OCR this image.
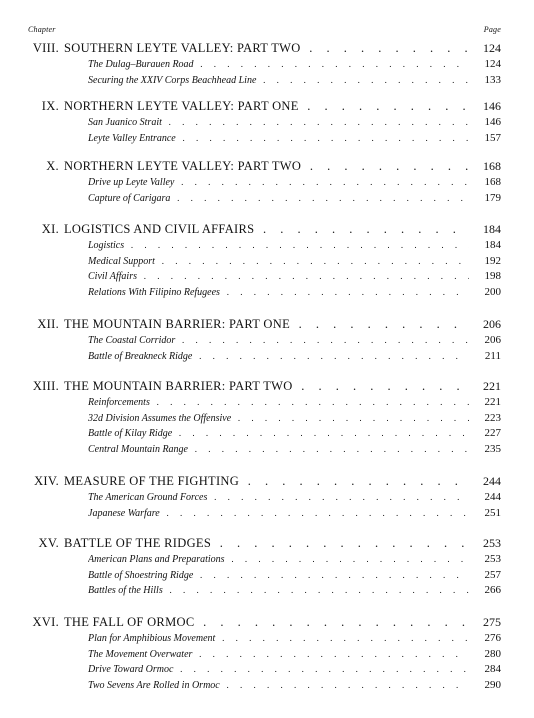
Chapter	Page
VIII. SOUTHERN LEYTE VALLEY: PART TWO . . .	124
The Dulag–Burauen Road . . .	124
Securing the XXIV Corps Beachhead Line . . .	133
IX. NORTHERN LEYTE VALLEY: PART ONE . . .	146
San Juanico Strait . . .	146
Leyte Valley Entrance . . .	157
X. NORTHERN LEYTE VALLEY: PART TWO . . .	168
Drive up Leyte Valley . . .	168
Capture of Carigara . . .	179
XI. LOGISTICS AND CIVIL AFFAIRS . . .	184
Logistics . . .	184
Medical Support . . .	192
Civil Affairs . . .	198
Relations With Filipino Refugees . . .	200
XII. THE MOUNTAIN BARRIER: PART ONE . . .	206
The Coastal Corridor . . .	206
Battle of Breakneck Ridge . . .	211
XIII. THE MOUNTAIN BARRIER: PART TWO . . .	221
Reinforcements . . .	221
32d Division Assumes the Offensive . . .	223
Battle of Kilay Ridge . . .	227
Central Mountain Range . . .	235
XIV. MEASURE OF THE FIGHTING . . .	244
The American Ground Forces . . .	244
Japanese Warfare . . .	251
XV. BATTLE OF THE RIDGES . . .	253
American Plans and Preparations . . .	253
Battle of Shoestring Ridge . . .	257
Battles of the Hills . . .	266
XVI. THE FALL OF ORMOC . . .	275
Plan for Amphibious Movement . . .	276
The Movement Overwater . . .	280
Drive Toward Ormoc . . .	284
Two Sevens Are Rolled in Ormoc . . .	290
